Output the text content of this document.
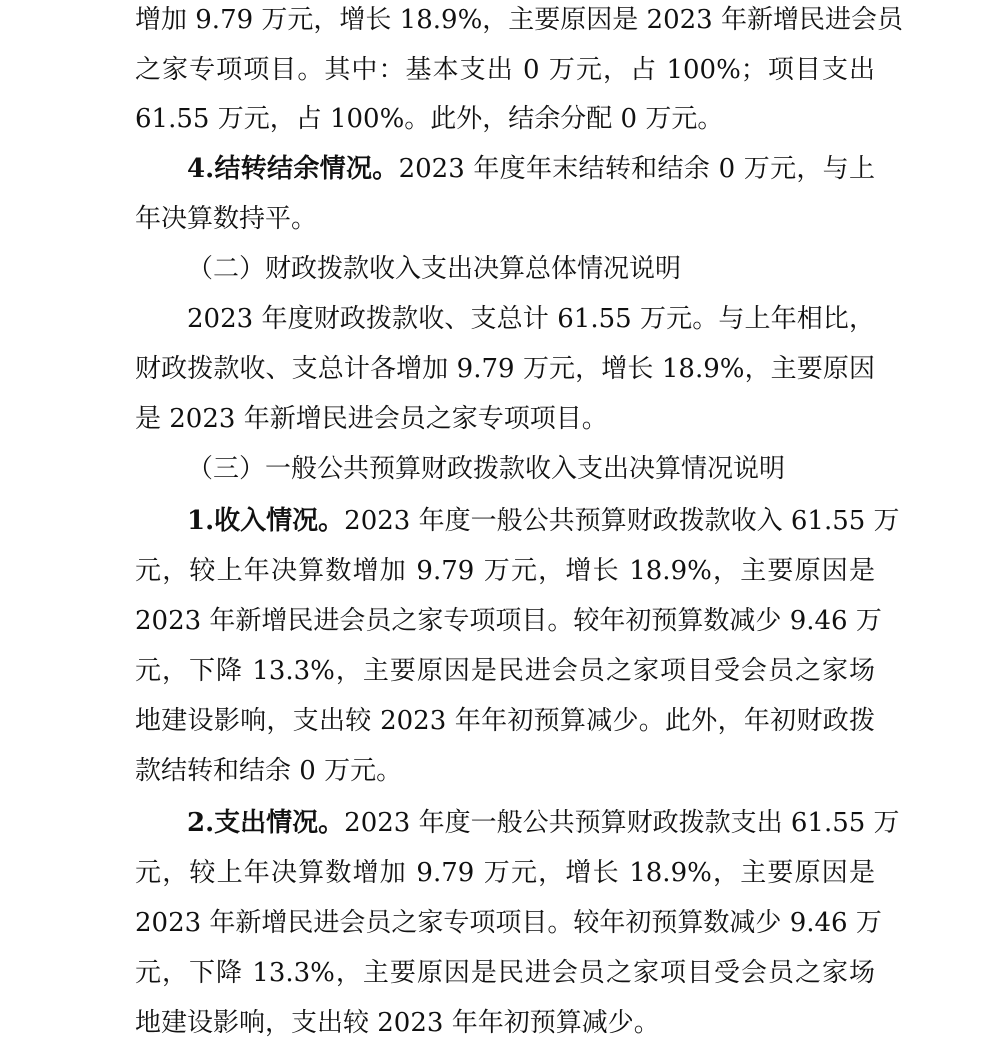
增加 9.79 万元，增长 18.9%，主要原因是 2023 年新增民进会员
之家专项项目。其中：基本支出 0 万元，占 100%；项目支出
61.55 万元，占 100%。此外，结余分配 0 万元。
4.结转结余情况。2023 年度年末结转和结余 0 万元，与上
年决算数持平。
（二）财政拨款收入支出决算总体情况说明
2023 年度财政拨款收、支总计 61.55 万元。与上年相比，
财政拨款收、支总计各增加 9.79 万元，增长 18.9%，主要原因
是 2023 年新增民进会员之家专项项目。
（三）一般公共预算财政拨款收入支出决算情况说明
1.收入情况。2023 年度一般公共预算财政拨款收入 61.55 万
元，较上年决算数增加 9.79 万元，增长 18.9%，主要原因是
2023 年新增民进会员之家专项项目。较年初预算数减少 9.46 万
元，下降 13.3%，主要原因是民进会员之家项目受会员之家场
地建设影响，支出较 2023 年年初预算减少。此外，年初财政拨
款结转和结余 0 万元。
2.支出情况。2023 年度一般公共预算财政拨款支出 61.55 万
元，较上年决算数增加 9.79 万元，增长 18.9%，主要原因是
2023 年新增民进会员之家专项项目。较年初预算数减少 9.46 万
元，下降 13.3%，主要原因是民进会员之家项目受会员之家场
地建设影响，支出较 2023 年年初预算减少。
